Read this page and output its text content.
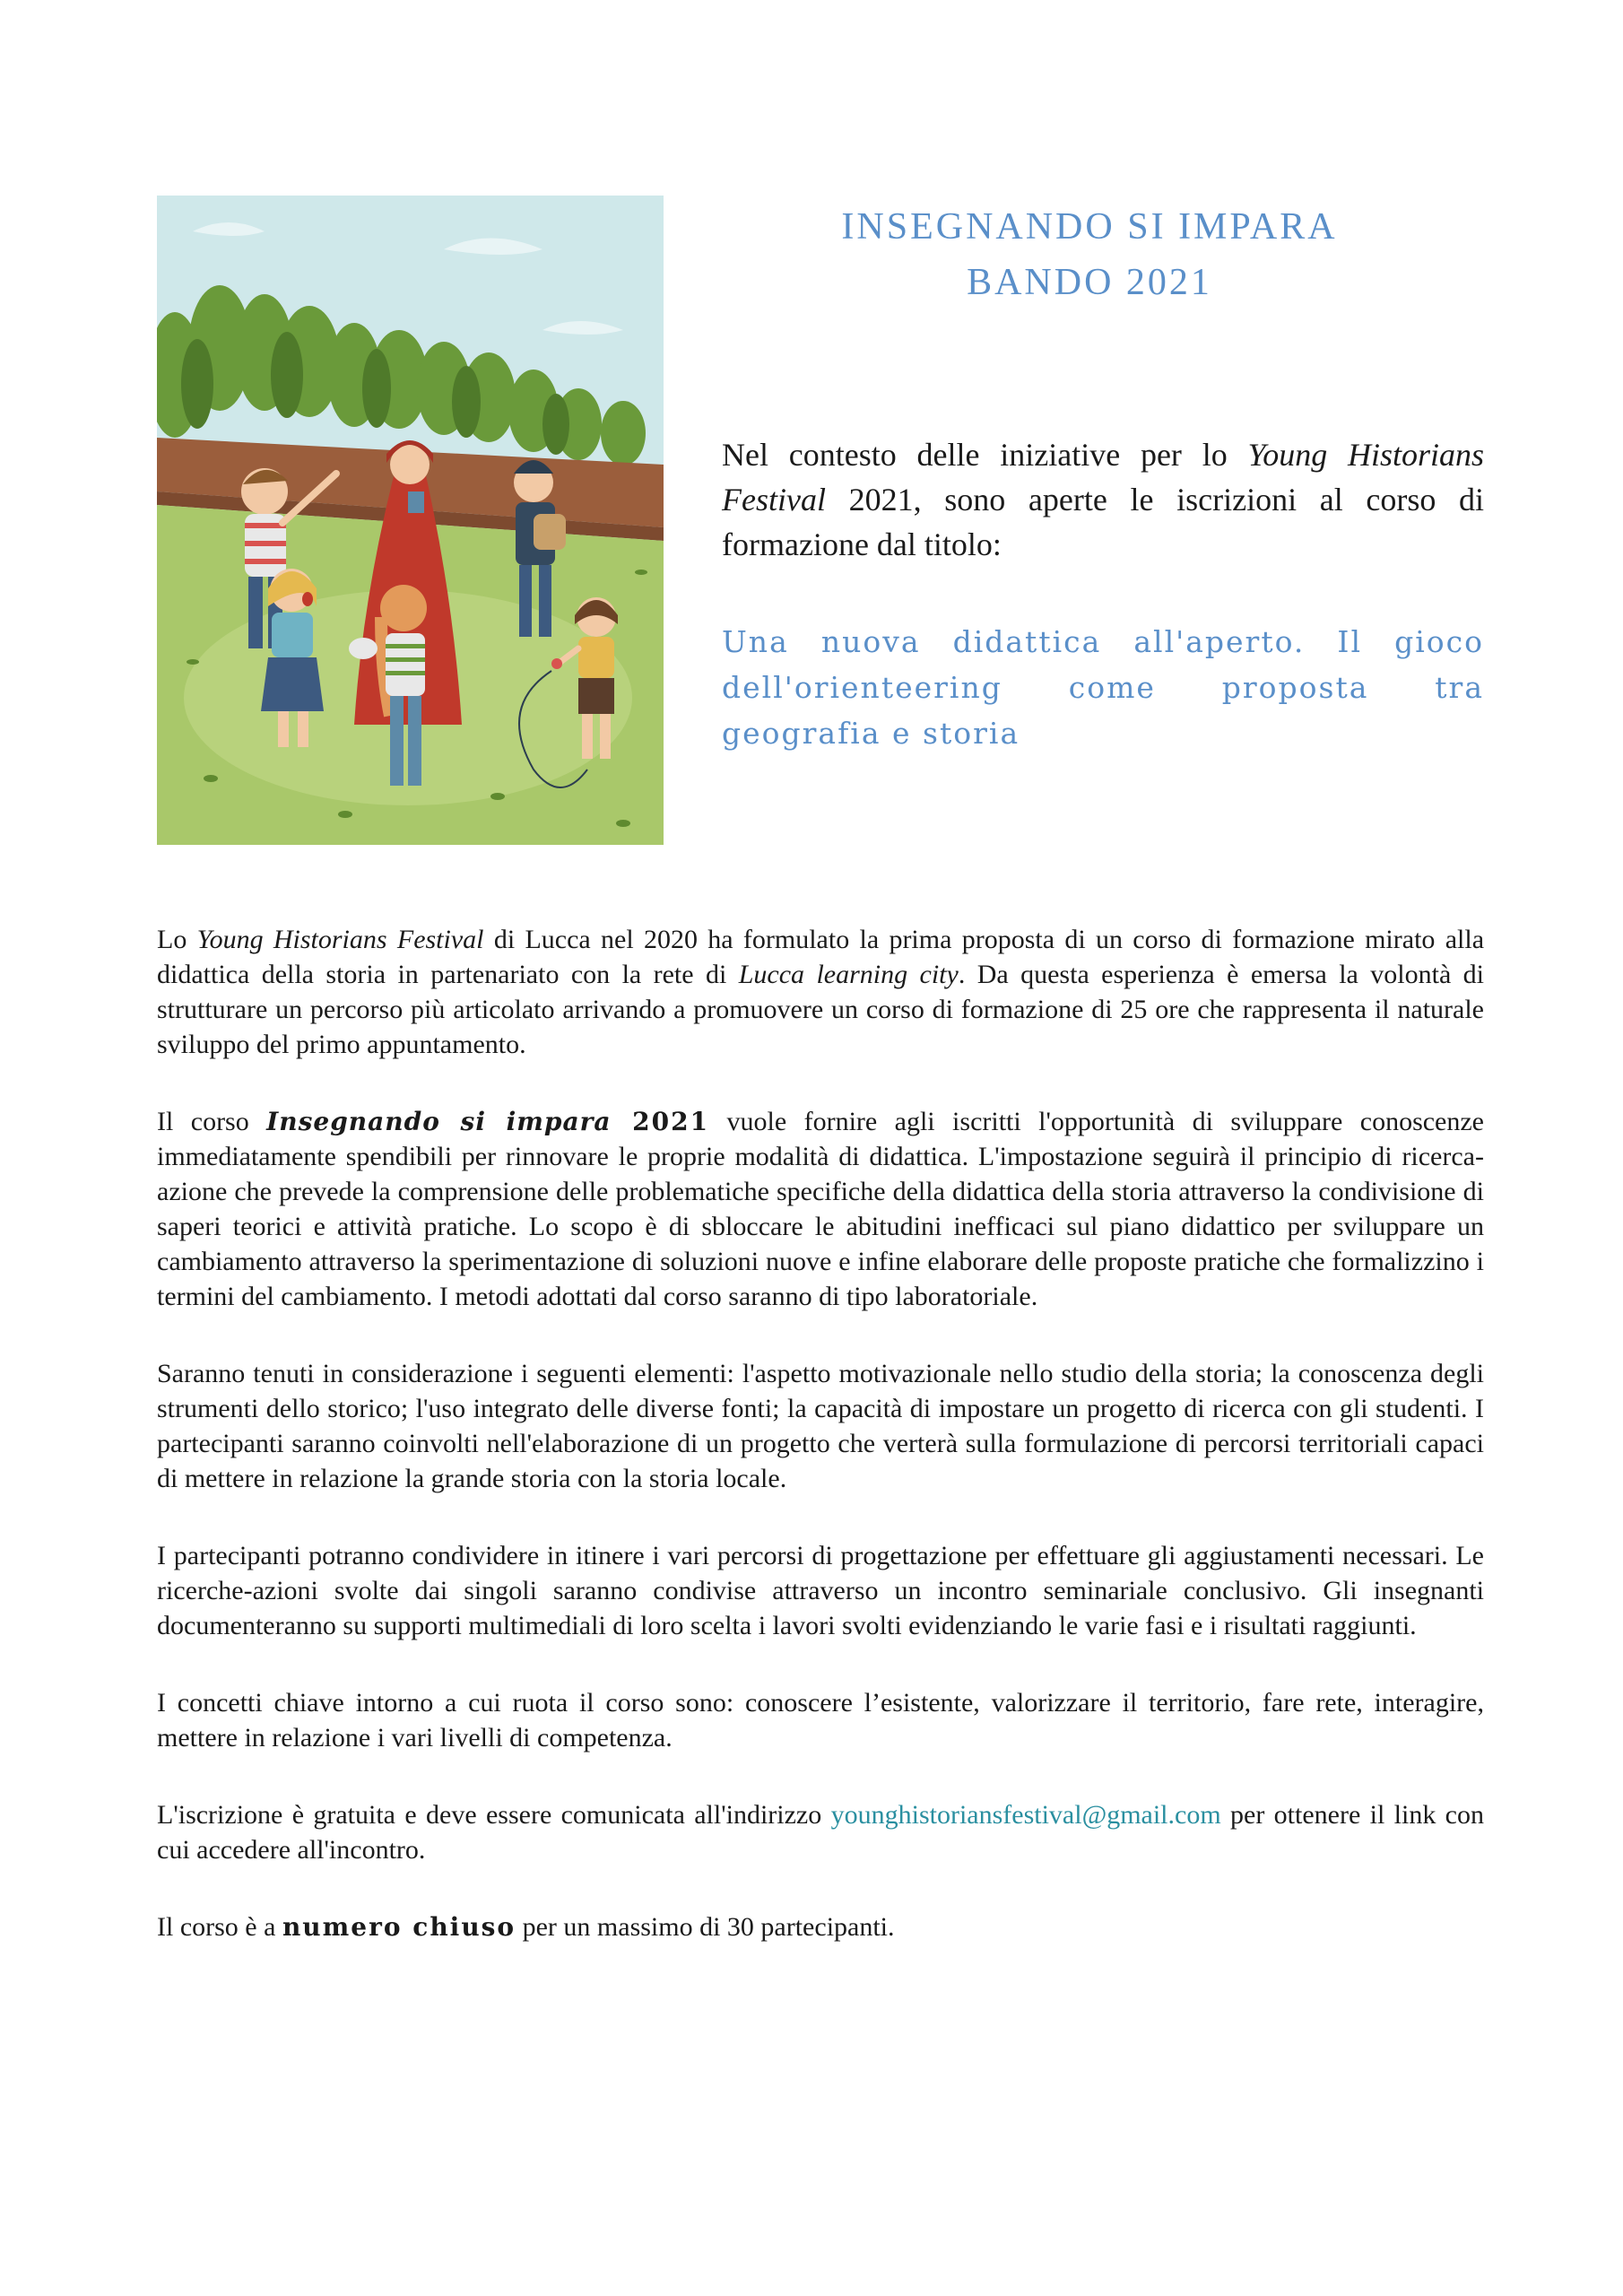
INSEGNANDO SI IMPARA
BANDO 2021
Nel contesto delle iniziative per lo Young Historians Festival 2021, sono aperte le iscrizioni al corso di formazione dal titolo:
Una nuova didattica all'aperto. Il gioco dell'orienteering come proposta tra geografia e storia

Lo Young Historians Festival di Lucca nel 2020 ha formulato la prima proposta di un corso di formazione mirato alla didattica della storia in partenariato con la rete di Lucca learning city. Da questa esperienza è emersa la volontà di strutturare un percorso più articolato arrivando a promuovere un corso di formazione di 25 ore che rappresenta il naturale sviluppo del primo appuntamento.

Il corso Insegnando si impara 2021 vuole fornire agli iscritti l'opportunità di sviluppare conoscenze immediatamente spendibili per rinnovare le proprie modalità di didattica. L'impostazione seguirà il principio di ricerca-azione che prevede la comprensione delle problematiche specifiche della didattica della storia attraverso la condivisione di saperi teorici e attività pratiche. Lo scopo è di sbloccare le abitudini inefficaci sul piano didattico per sviluppare un cambiamento attraverso la sperimentazione di soluzioni nuove e infine elaborare delle proposte pratiche che formalizzino i termini del cambiamento. I metodi adottati dal corso saranno di tipo laboratoriale.

Saranno tenuti in considerazione i seguenti elementi: l'aspetto motivazionale nello studio della storia; la conoscenza degli strumenti dello storico; l'uso integrato delle diverse fonti; la capacità di impostare un progetto di ricerca con gli studenti. I partecipanti saranno coinvolti nell'elaborazione di un progetto che verterà sulla formulazione di percorsi territoriali capaci di mettere in relazione la grande storia con la storia locale.

I partecipanti potranno condividere in itinere i vari percorsi di progettazione per effettuare gli aggiustamenti necessari. Le ricerche-azioni svolte dai singoli saranno condivise attraverso un incontro seminariale conclusivo. Gli insegnanti documenteranno su supporti multimediali di loro scelta i lavori svolti evidenziando le varie fasi e i risultati raggiunti.

I concetti chiave intorno a cui ruota il corso sono: conoscere l’esistente, valorizzare il territorio, fare rete, interagire, mettere in relazione i vari livelli di competenza.

L'iscrizione è gratuita e deve essere comunicata all'indirizzo younghistoriansfestival@gmail.com per ottenere il link con cui accedere all'incontro.

Il corso è a numero chiuso per un massimo di 30 partecipanti.
